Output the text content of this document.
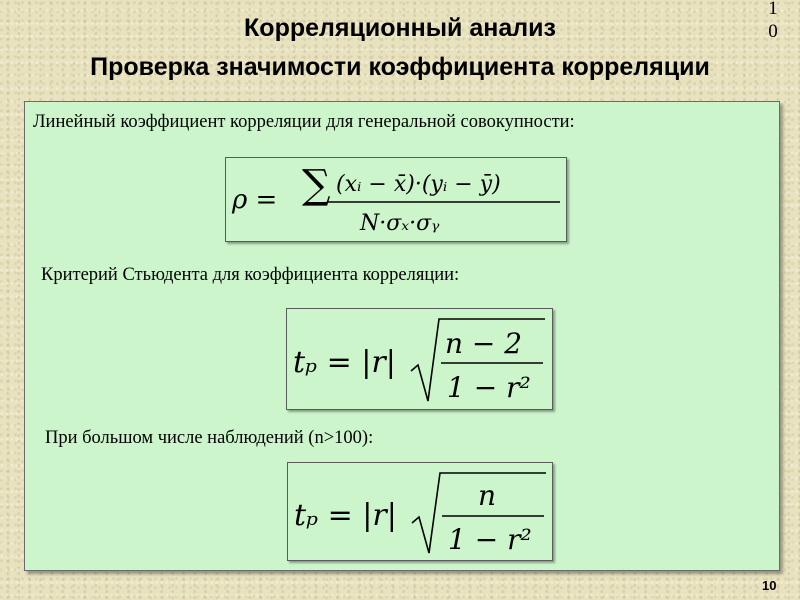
Корреляционный анализ
Проверка значимости коэффициента корреляции
1
0
Линейный коэффициент корреляции для генеральной совокупности:
ρ = ∑ (xᵢ − x̄)·(yᵢ − ȳ)
N·σₓ·σᵧ
Критерий Стьюдента для коэффициента корреляции:
tₚ = |r|
n − 2
1 − r²
При большом числе наблюдений (n>100):
tₚ = |r|
n
1 − r²
10
